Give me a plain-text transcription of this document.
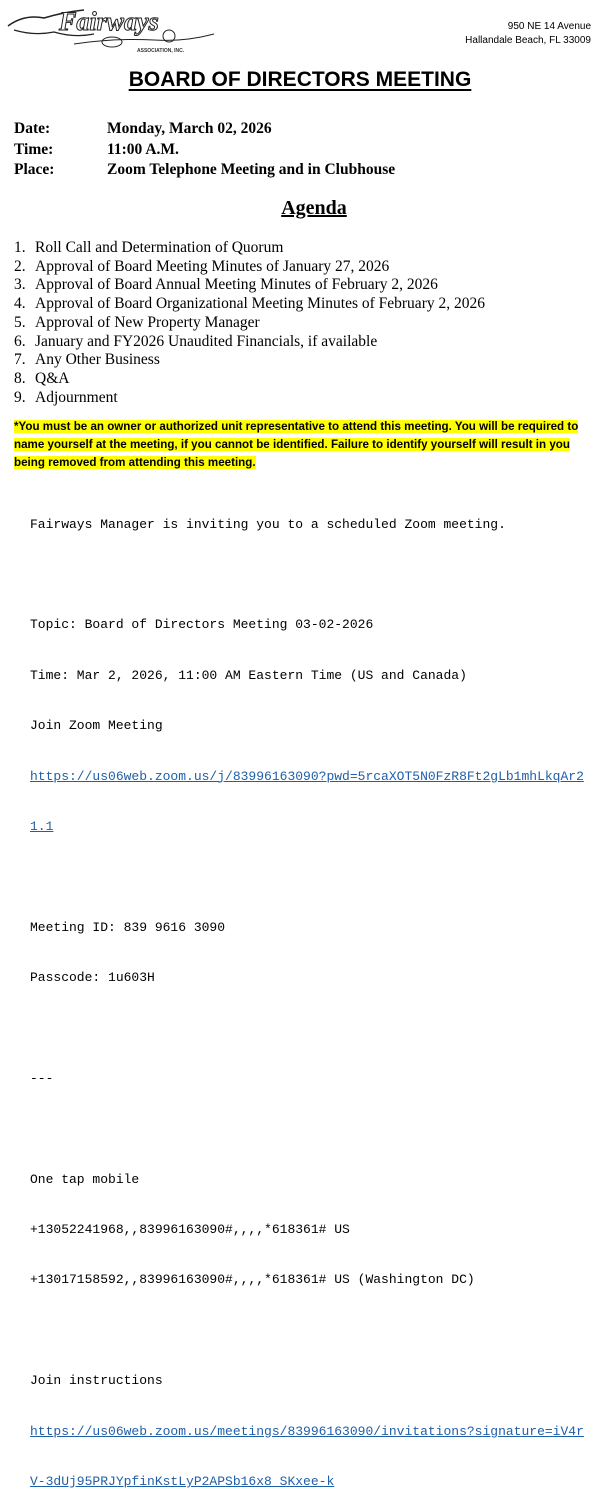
Fairways
ASSOCIATION, INC.
950 NE 14 Avenue
Hallandale Beach, FL 33009
BOARD OF DIRECTORS MEETING
Date:	Monday, March 02, 2026
Time:	11:00 A.M.
Place:	Zoom Telephone Meeting and in Clubhouse
Agenda
1. Roll Call and Determination of Quorum
2. Approval of Board Meeting Minutes of January 27, 2026
3. Approval of Board Annual Meeting Minutes of February 2, 2026
4. Approval of Board Organizational Meeting Minutes of February 2, 2026
5. Approval of New Property Manager
6. January and FY2026 Unaudited Financials, if available
7. Any Other Business
8. Q&A
9. Adjournment
*You must be an owner or authorized unit representative to attend this meeting. You will be required to name yourself at the meeting, if you cannot be identified. Failure to identify yourself will result in you being removed from attending this meeting.

Fairways Manager is inviting you to a scheduled Zoom meeting.

Topic: Board of Directors Meeting 03-02-2026

Time: Mar 2, 2026, 11:00 AM Eastern Time (US and Canada)

Join Zoom Meeting

https://us06web.zoom.us/j/83996163090?pwd=5rcaXOT5N0FzR8Ft2gLb1mhLkqAr2

1.1

Meeting ID: 839 9616 3090

Passcode: 1u603H

---

One tap mobile

+13052241968,,83996163090#,,,,*618361# US

+13017158592,,83996163090#,,,,*618361# US (Washington DC)

Join instructions

https://us06web.zoom.us/meetings/83996163090/invitations?signature=iV4r

V-3dUj95PRJYpfinKstLyP2APSb16x8_SKxee-k
